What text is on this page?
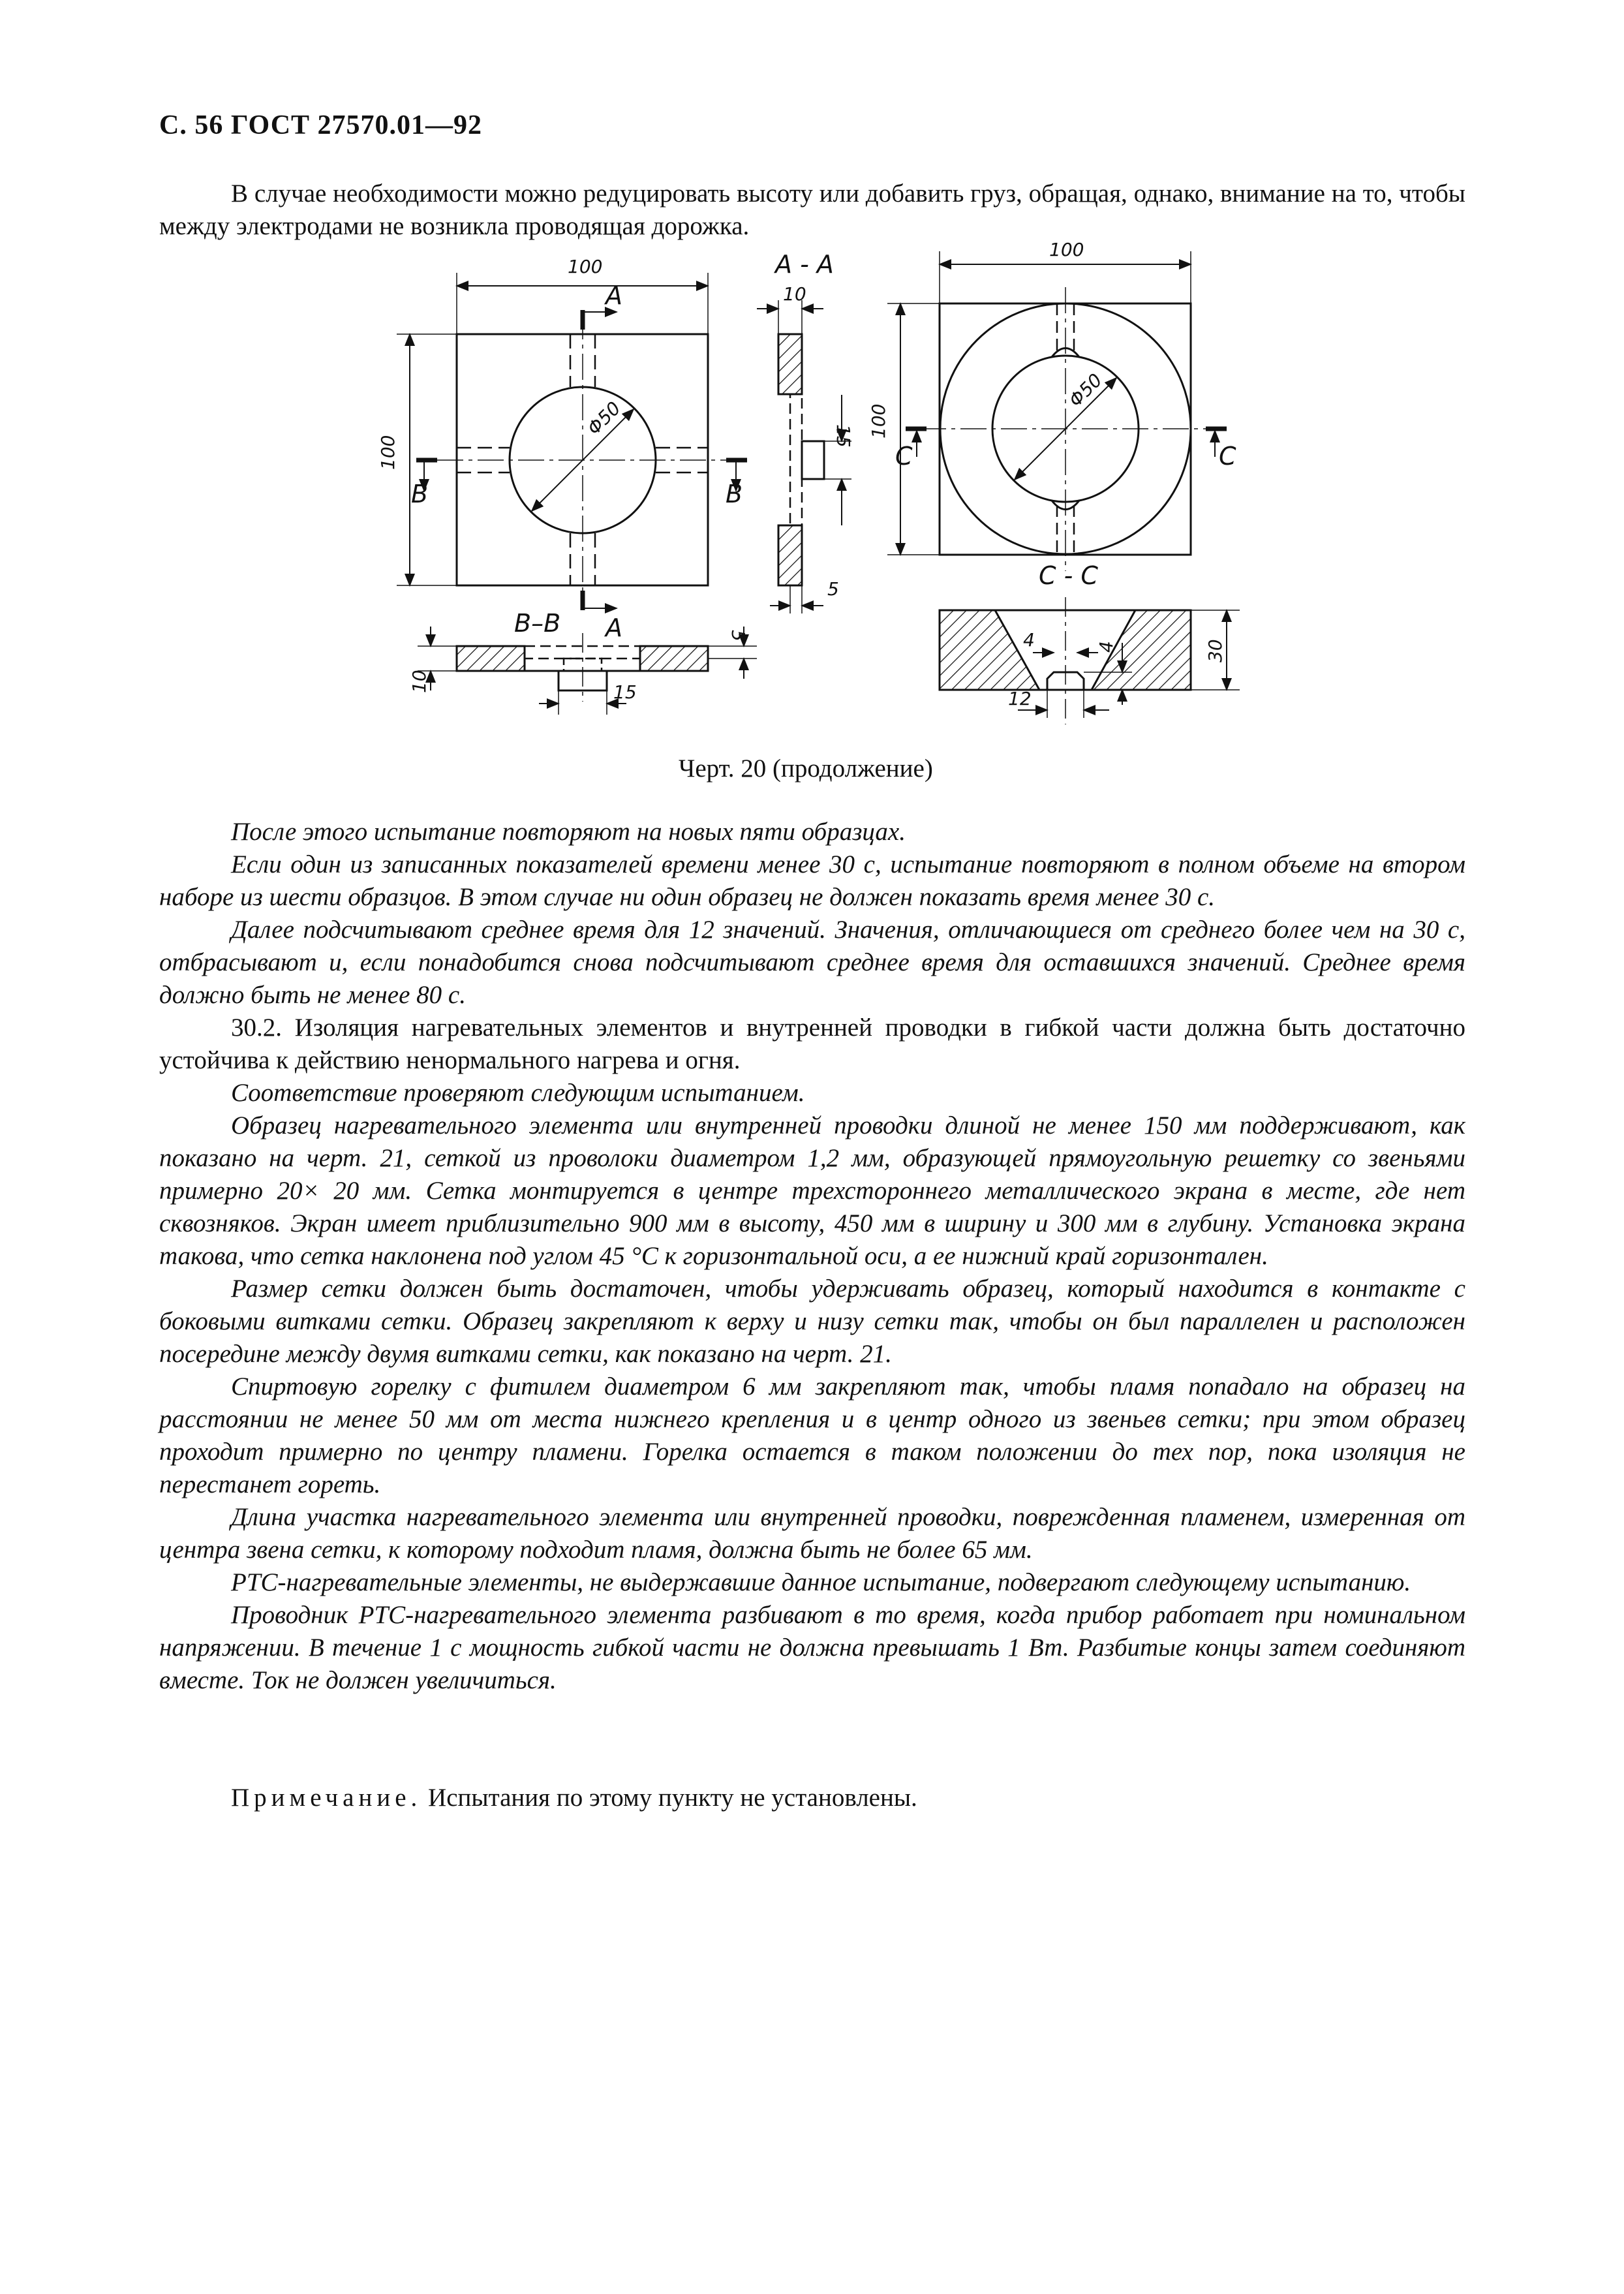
С. 56 ГОСТ 27570.01—92

В случае необходимости можно редуцировать высоту или добавить груз, обращая, однако, внимание на то, чтобы между электродами не возникла проводящая дорожка.

100
100
Φ50
A
A
B	B
A - A
10
15
5
100
100
Φ50
C	C
B–B
10
5
15
C - C
4	4
12
30
Черт. 20 (продолжение)

После этого испытание повторяют на новых пяти образцах.

Если один из записанных показателей времени менее 30 с, испытание повторяют в полном объеме на втором наборе из шести образцов. В этом случае ни один образец не должен показать время менее 30 с.

Далее подсчитывают среднее время для 12 значений. Значения, отличающиеся от среднего более чем на 30 с, отбрасывают и, если понадобится снова подсчитывают среднее время для оставшихся значений. Среднее время должно быть не менее 80 с.

30.2. Изоляция нагревательных элементов и внутренней проводки в гибкой части должна быть достаточно устойчива к действию ненормального нагрева и огня.

Соответствие проверяют следующим испытанием.

Образец нагревательного элемента или внутренней проводки длиной не менее 150 мм поддерживают, как показано на черт. 21, сеткой из проволоки диаметром 1,2 мм, образующей прямоугольную решетку со звеньями примерно 20× 20 мм. Сетка монтируется в центре трехстороннего металлического экрана в месте, где нет сквозняков. Экран имеет приблизительно 900 мм в высоту, 450 мм в ширину и 300 мм в глубину. Установка экрана такова, что сетка наклонена под углом 45 °С к горизонтальной оси, а ее нижний край горизонтален.

Размер сетки должен быть достаточен, чтобы удерживать образец, который находится в контакте с боковыми витками сетки. Образец закрепляют к верху и низу сетки так, чтобы он был параллелен и расположен посередине между двумя витками сетки, как показано на черт. 21.

Спиртовую горелку с фитилем диаметром 6 мм закрепляют так, чтобы пламя попадало на образец на расстоянии не менее 50 мм от места нижнего крепления и в центр одного из звеньев сетки; при этом образец проходит примерно по центру пламени. Горелка остается в таком положении до тех пор, пока изоляция не перестанет гореть.

Длина участка нагревательного элемента или внутренней проводки, поврежденная пламенем, измеренная от центра звена сетки, к которому подходит пламя, должна быть не более 65 мм.

РТС-нагревательные элементы, не выдержавшие данное испытание, подвергают следующему испытанию.

Проводник РТС-нагревательного элемента разбивают в то время, когда прибор работает при номинальном напряжении. В течение 1 с мощность гибкой части не должна превышать 1 Вт. Разбитые концы затем соединяют вместе. Ток не должен увеличиться.

Примечание. Испытания по этому пункту не установлены.
